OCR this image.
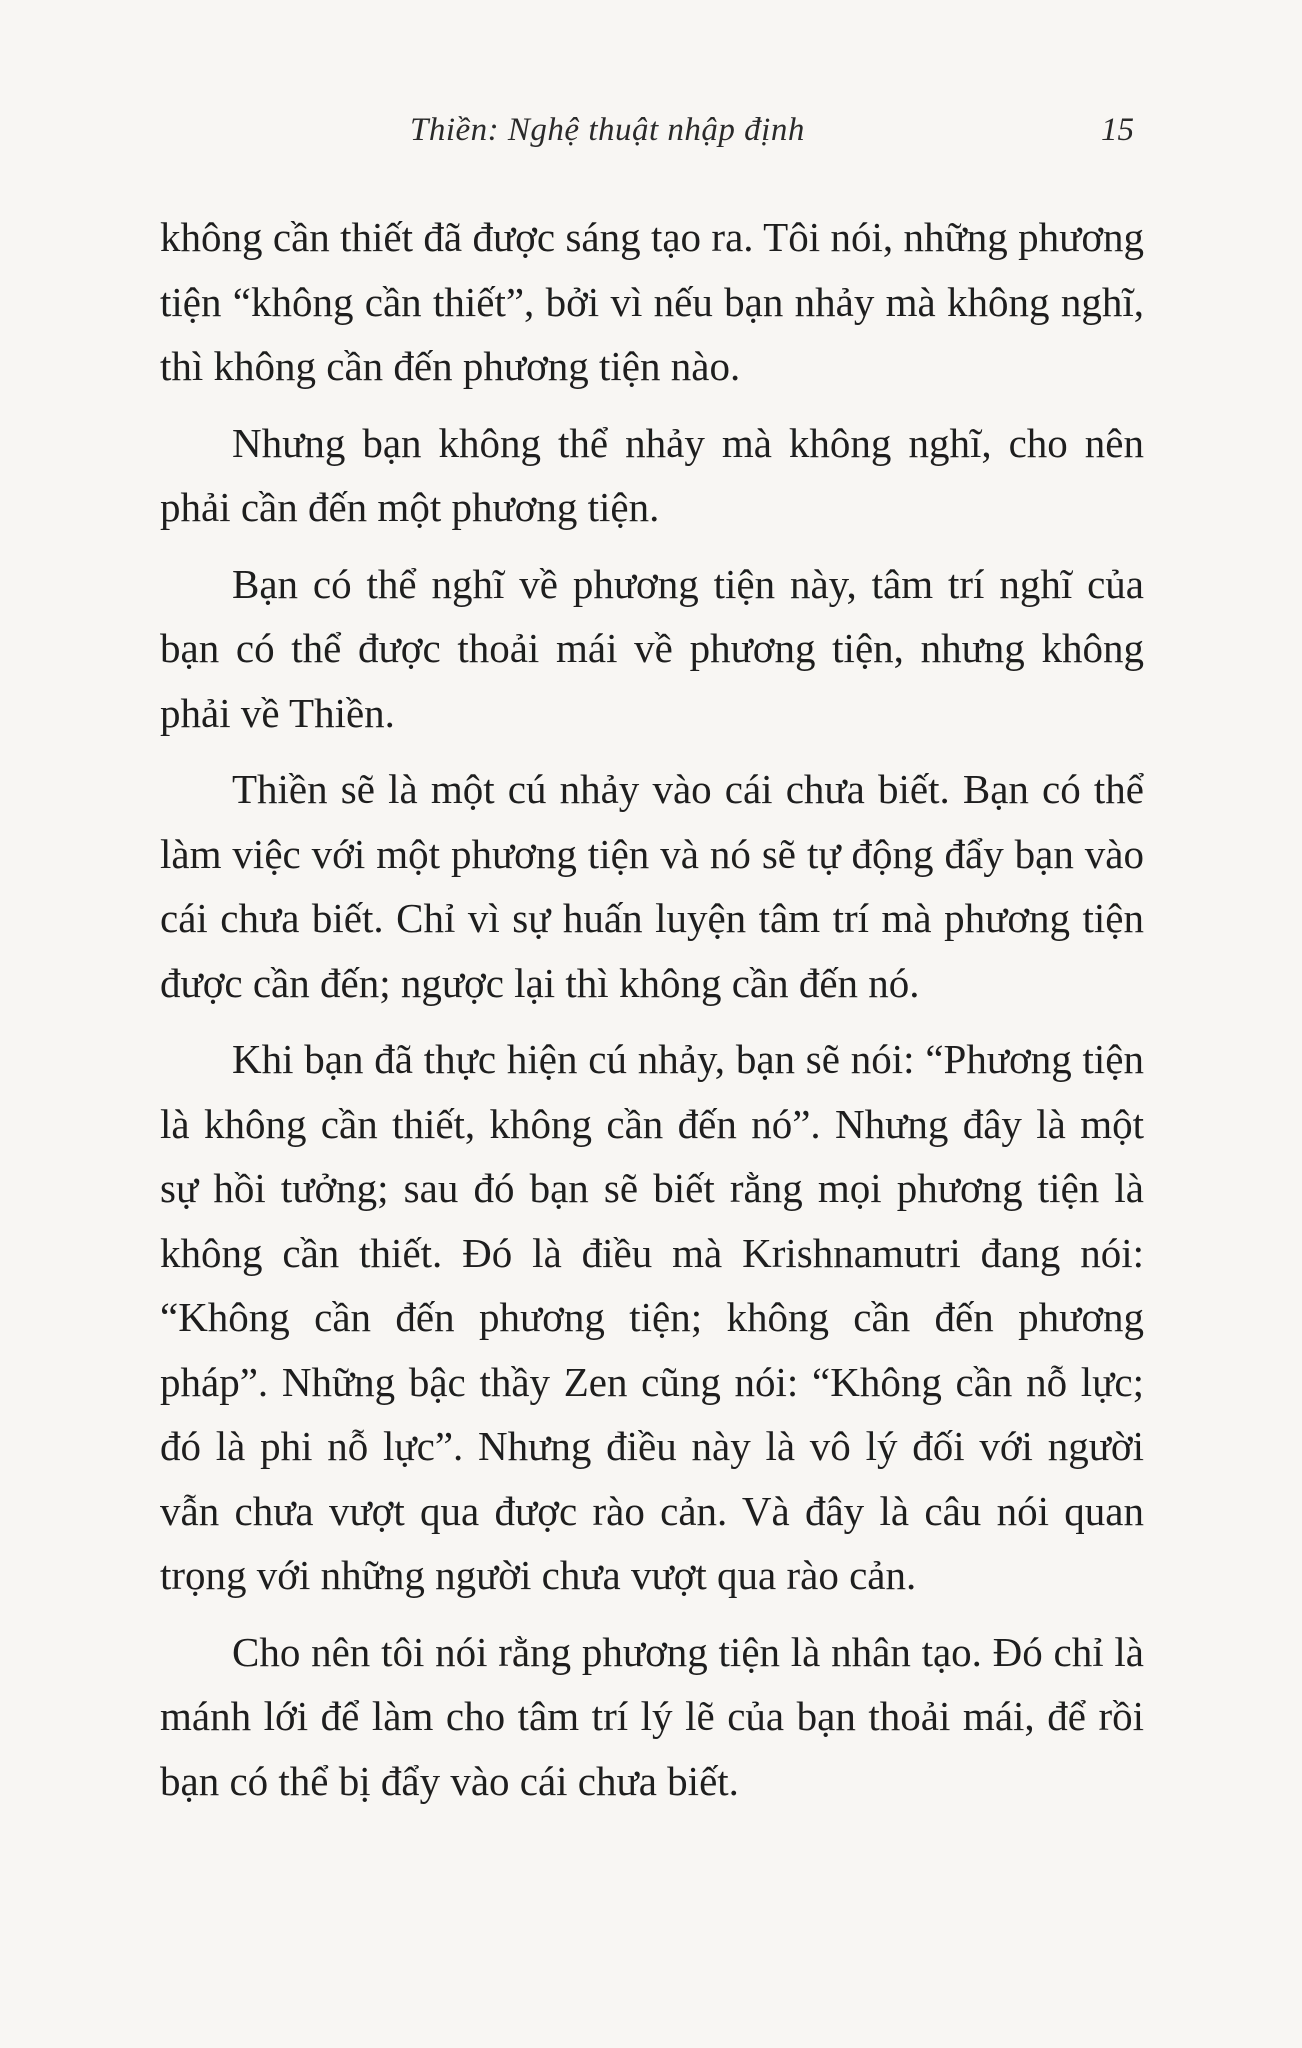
Thiền: Nghệ thuật nhập định	15

không cần thiết đã được sáng tạo ra. Tôi nói, những phương tiện “không cần thiết”, bởi vì nếu bạn nhảy mà không nghĩ, thì không cần đến phương tiện nào.

Nhưng bạn không thể nhảy mà không nghĩ, cho nên phải cần đến một phương tiện.

Bạn có thể nghĩ về phương tiện này, tâm trí nghĩ của bạn có thể được thoải mái về phương tiện, nhưng không phải về Thiền.

Thiền sẽ là một cú nhảy vào cái chưa biết. Bạn có thể làm việc với một phương tiện và nó sẽ tự động đẩy bạn vào cái chưa biết. Chỉ vì sự huấn luyện tâm trí mà phương tiện được cần đến; ngược lại thì không cần đến nó.

Khi bạn đã thực hiện cú nhảy, bạn sẽ nói: “Phương tiện là không cần thiết, không cần đến nó”. Nhưng đây là một sự hồi tưởng; sau đó bạn sẽ biết rằng mọi phương tiện là không cần thiết. Đó là điều mà Krishnamutri đang nói: “Không cần đến phương tiện; không cần đến phương pháp”. Những bậc thầy Zen cũng nói: “Không cần nỗ lực; đó là phi nỗ lực”. Nhưng điều này là vô lý đối với người vẫn chưa vượt qua được rào cản. Và đây là câu nói quan trọng với những người chưa vượt qua rào cản.

Cho nên tôi nói rằng phương tiện là nhân tạo. Đó chỉ là mánh lới để làm cho tâm trí lý lẽ của bạn thoải mái, để rồi bạn có thể bị đẩy vào cái chưa biết.
